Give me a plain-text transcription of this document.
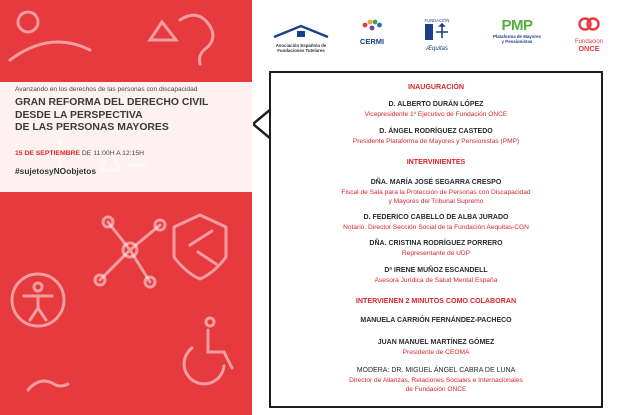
Avanzando en los derechos de las personas con discapacidad
GRAN REFORMA DEL DERECHO CIVIL
DESDE LA PERSPECTIVA
DE LAS PERSONAS MAYORES
15 DE SEPTIEMBRE DE 11:00H A 12:15H
#sujetosyNOobjetos
Asociación Española de
Fundaciones Tutelares
CERMI
FUNDACIÓN
Æquitas
PMP
Plataforma de Mayores
y Pensionistas	Fundación
ONCE
INAUGURACIÓN
D. ALBERTO DURÁN LÓPEZ
Vicepresidente 1º Ejecutivo de Fundación ONCE
D. ÁNGEL RODRÍGUEZ CASTEDO
Presidente Plataforma de Mayores y Pensionistas (PMP)
INTERVINIENTES
DÑA. MARÍA JOSÉ SEGARRA CRESPO
Fiscal de Sala para la Protección de Personas con Discapacidad
y Mayores del Tribunal Supremo
D. FEDERICO CABELLO DE ALBA JURADO
Notario. Director Sección Social de la Fundación Aequitas-CGN
DÑA. CRISTINA RODRÍGUEZ PORRERO
Representante de UDP
Dª IRENE MUÑOZ ESCANDELL
Asesora Jurídica de Salud Mental España
INTERVIENEN 2 MINUTOS COMO COLABORAN
MANUELA CARRIÓN FERNÁNDEZ-PACHECO
JUAN MANUEL MARTÍNEZ GÓMEZ
Presidente de CEOMA
MODERA: DR. MIGUEL ÁNGEL CABRA DE LUNA
Director de Alianzas, Relaciones Sociales e Internacionales
de Fundación ONCE
